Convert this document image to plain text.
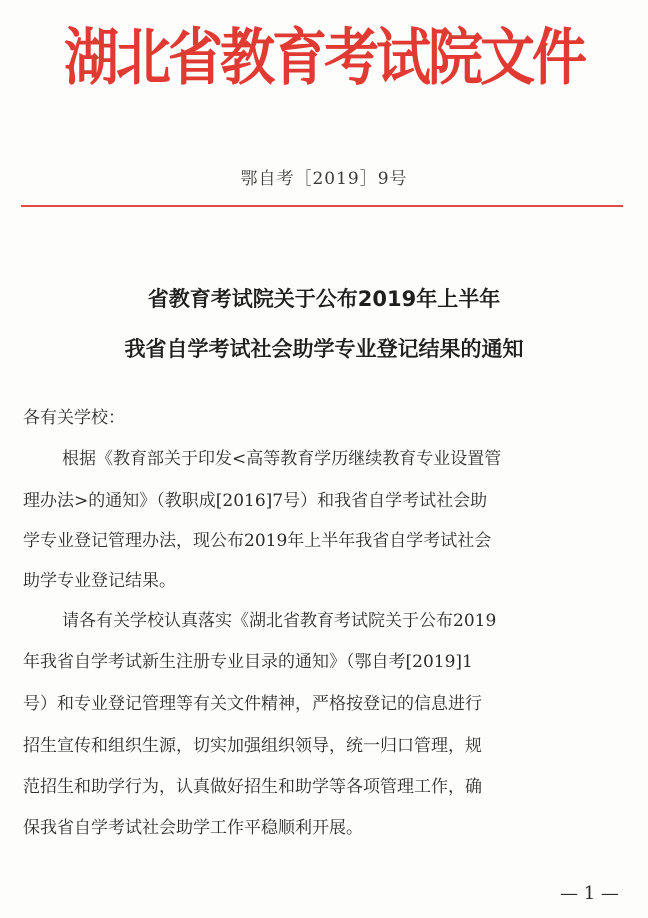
湖北省教育考试院文件
鄂自考［2019］9号
省教育考试院关于公布2019年上半年
我省自学考试社会助学专业登记结果的通知
各有关学校：
根据《教育部关于印发<高等教育学历继续教育专业设置管
理办法>的通知》（教职成[2016]7号）和我省自学考试社会助
学专业登记管理办法，现公布2019年上半年我省自学考试社会
助学专业登记结果。
请各有关学校认真落实《湖北省教育考试院关于公布2019
年我省自学考试新生注册专业目录的通知》（鄂自考[2019]1
号）和专业登记管理等有关文件精神，严格按登记的信息进行
招生宣传和组织生源，切实加强组织领导，统一归口管理，规
范招生和助学行为，认真做好招生和助学等各项管理工作，确
保我省自学考试社会助学工作平稳顺利开展。
— 1 —
